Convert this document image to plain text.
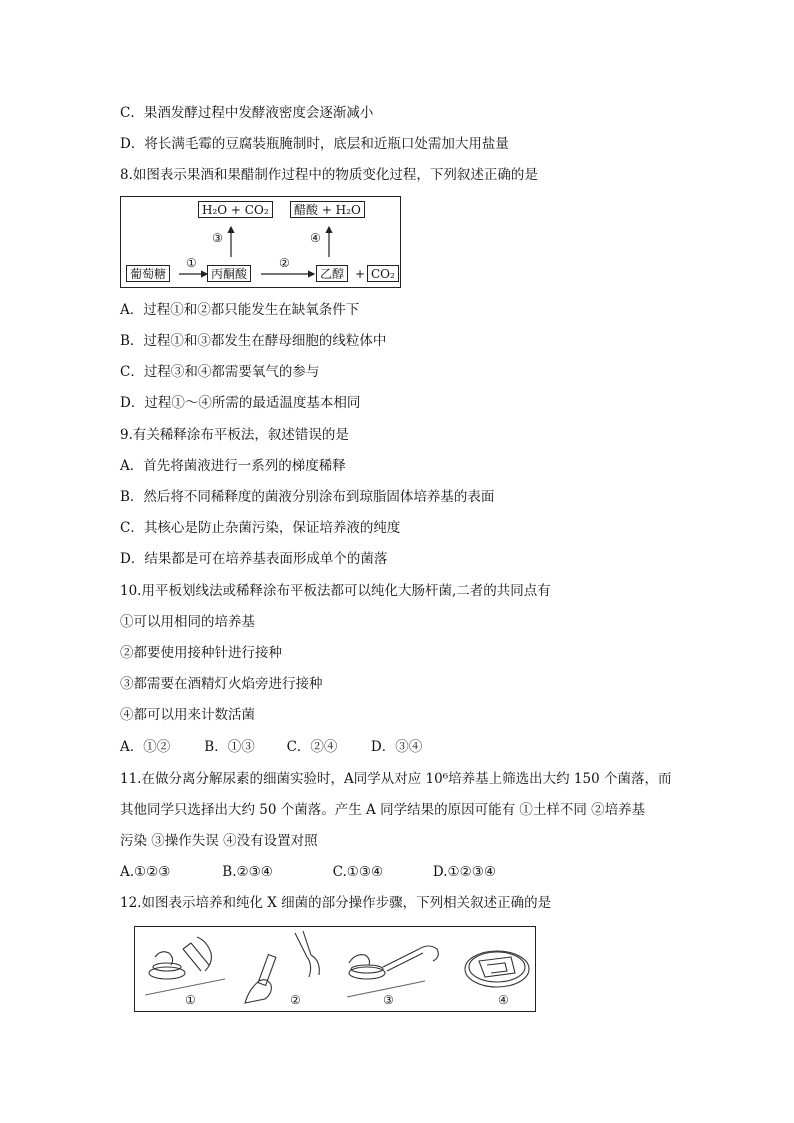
C．果酒发酵过程中发酵液密度会逐渐减小
D．将长满毛霉的豆腐装瓶腌制时，底层和近瓶口处需加大用盐量
8.如图表示果酒和果醋制作过程中的物质变化过程，下列叙述正确的是
H₂O + CO₂	醋酸 + H₂O
③	④
葡萄糖
①
丙酮酸
②
乙醇 + CO₂
A．过程①和②都只能发生在缺氧条件下
B．过程①和③都发生在酵母细胞的线粒体中
C．过程③和④都需要氧气的参与
D．过程①～④所需的最适温度基本相同
9.有关稀释涂布平板法，叙述错误的是
A．首先将菌液进行一系列的梯度稀释
B．然后将不同稀释度的菌液分别涂布到琼脂固体培养基的表面
C．其核心是防止杂菌污染，保证培养液的纯度
D．结果都是可在培养基表面形成单个的菌落
10.用平板划线法或稀释涂布平板法都可以纯化大肠杆菌,二者的共同点有
①可以用相同的培养基
②都要使用接种针进行接种
③都需要在酒精灯火焰旁进行接种
④都可以用来计数活菌
A．①②	B．①③ C．②④ D．③④
11.在做分离分解尿素的细菌实验时，A同学从对应 10⁶培养基上筛选出大约 150 个菌落，而
其他同学只选择出大约 50 个菌落。产生 A 同学结果的原因可能有 ①土样不同 ②培养基
污染 ③操作失误 ④没有设置对照
A.①②③	B.②③④	C.①③④	D.①②③④
12.如图表示培养和纯化 X 细菌的部分操作步骤，下列相关叙述正确的是
①	②	③	④
